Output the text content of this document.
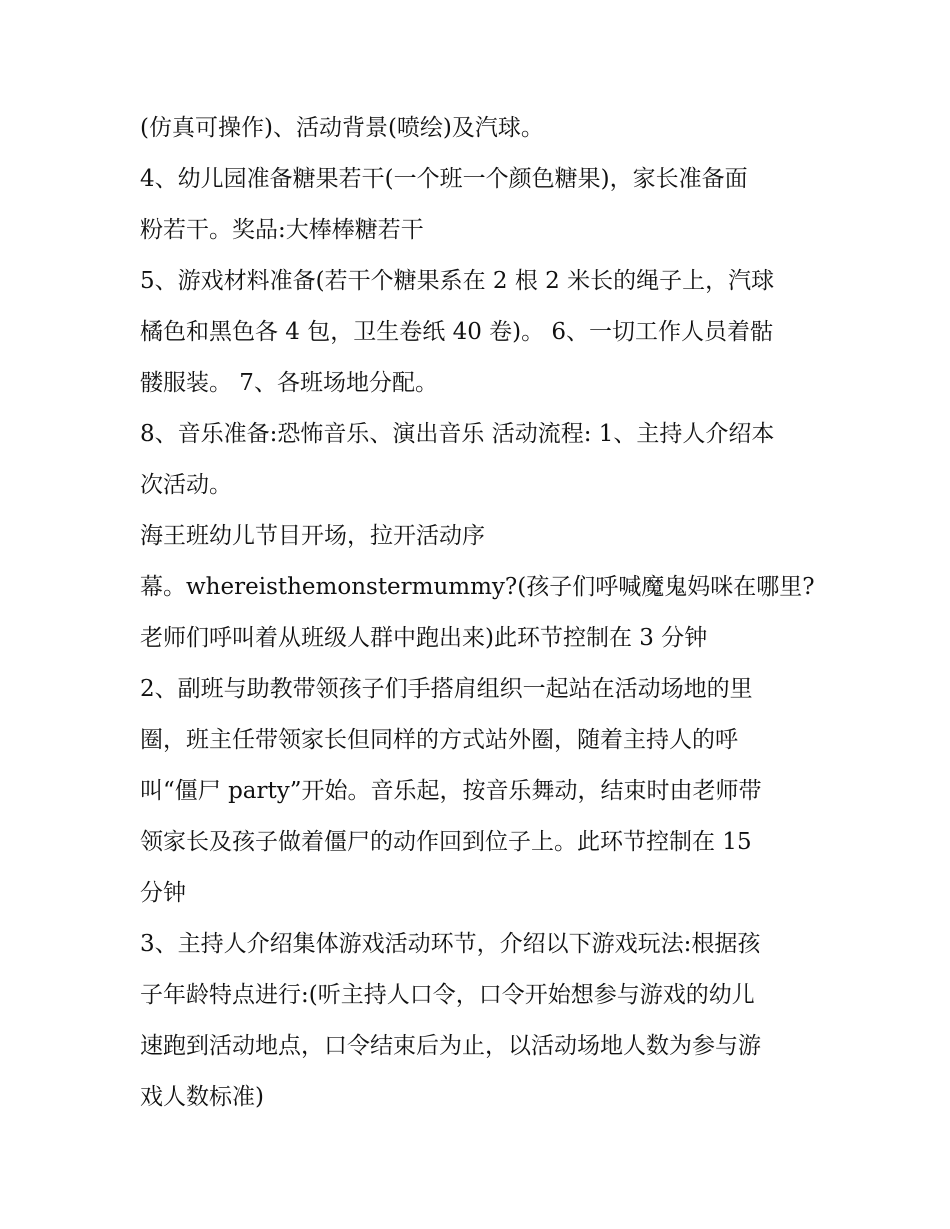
(仿真可操作)、活动背景(喷绘)及汽球。
4、幼儿园准备糖果若干(一个班一个颜色糖果)，家长准备面
粉若干。奖品:大棒棒糖若干
5、游戏材料准备(若干个糖果系在 2 根 2 米长的绳子上，汽球
橘色和黑色各 4 包，卫生卷纸 40 卷)。 6、一切工作人员着骷
髅服装。 7、各班场地分配。
8、音乐准备:恐怖音乐、演出音乐 活动流程: 1、主持人介绍本
次活动。
海王班幼儿节目开场，拉开活动序
幕。whereisthemonstermummy?(孩子们呼喊魔鬼妈咪在哪里?
老师们呼叫着从班级人群中跑出来)此环节控制在 3 分钟
2、副班与助教带领孩子们手搭肩组织一起站在活动场地的里
圈，班主任带领家长但同样的方式站外圈，随着主持人的呼
叫“僵尸 party”开始。音乐起，按音乐舞动，结束时由老师带
领家长及孩子做着僵尸的动作回到位子上。此环节控制在 15
分钟
3、主持人介绍集体游戏活动环节，介绍以下游戏玩法:根据孩
子年龄特点进行:(听主持人口令，口令开始想参与游戏的幼儿
速跑到活动地点，口令结束后为止，以活动场地人数为参与游
戏人数标准)
